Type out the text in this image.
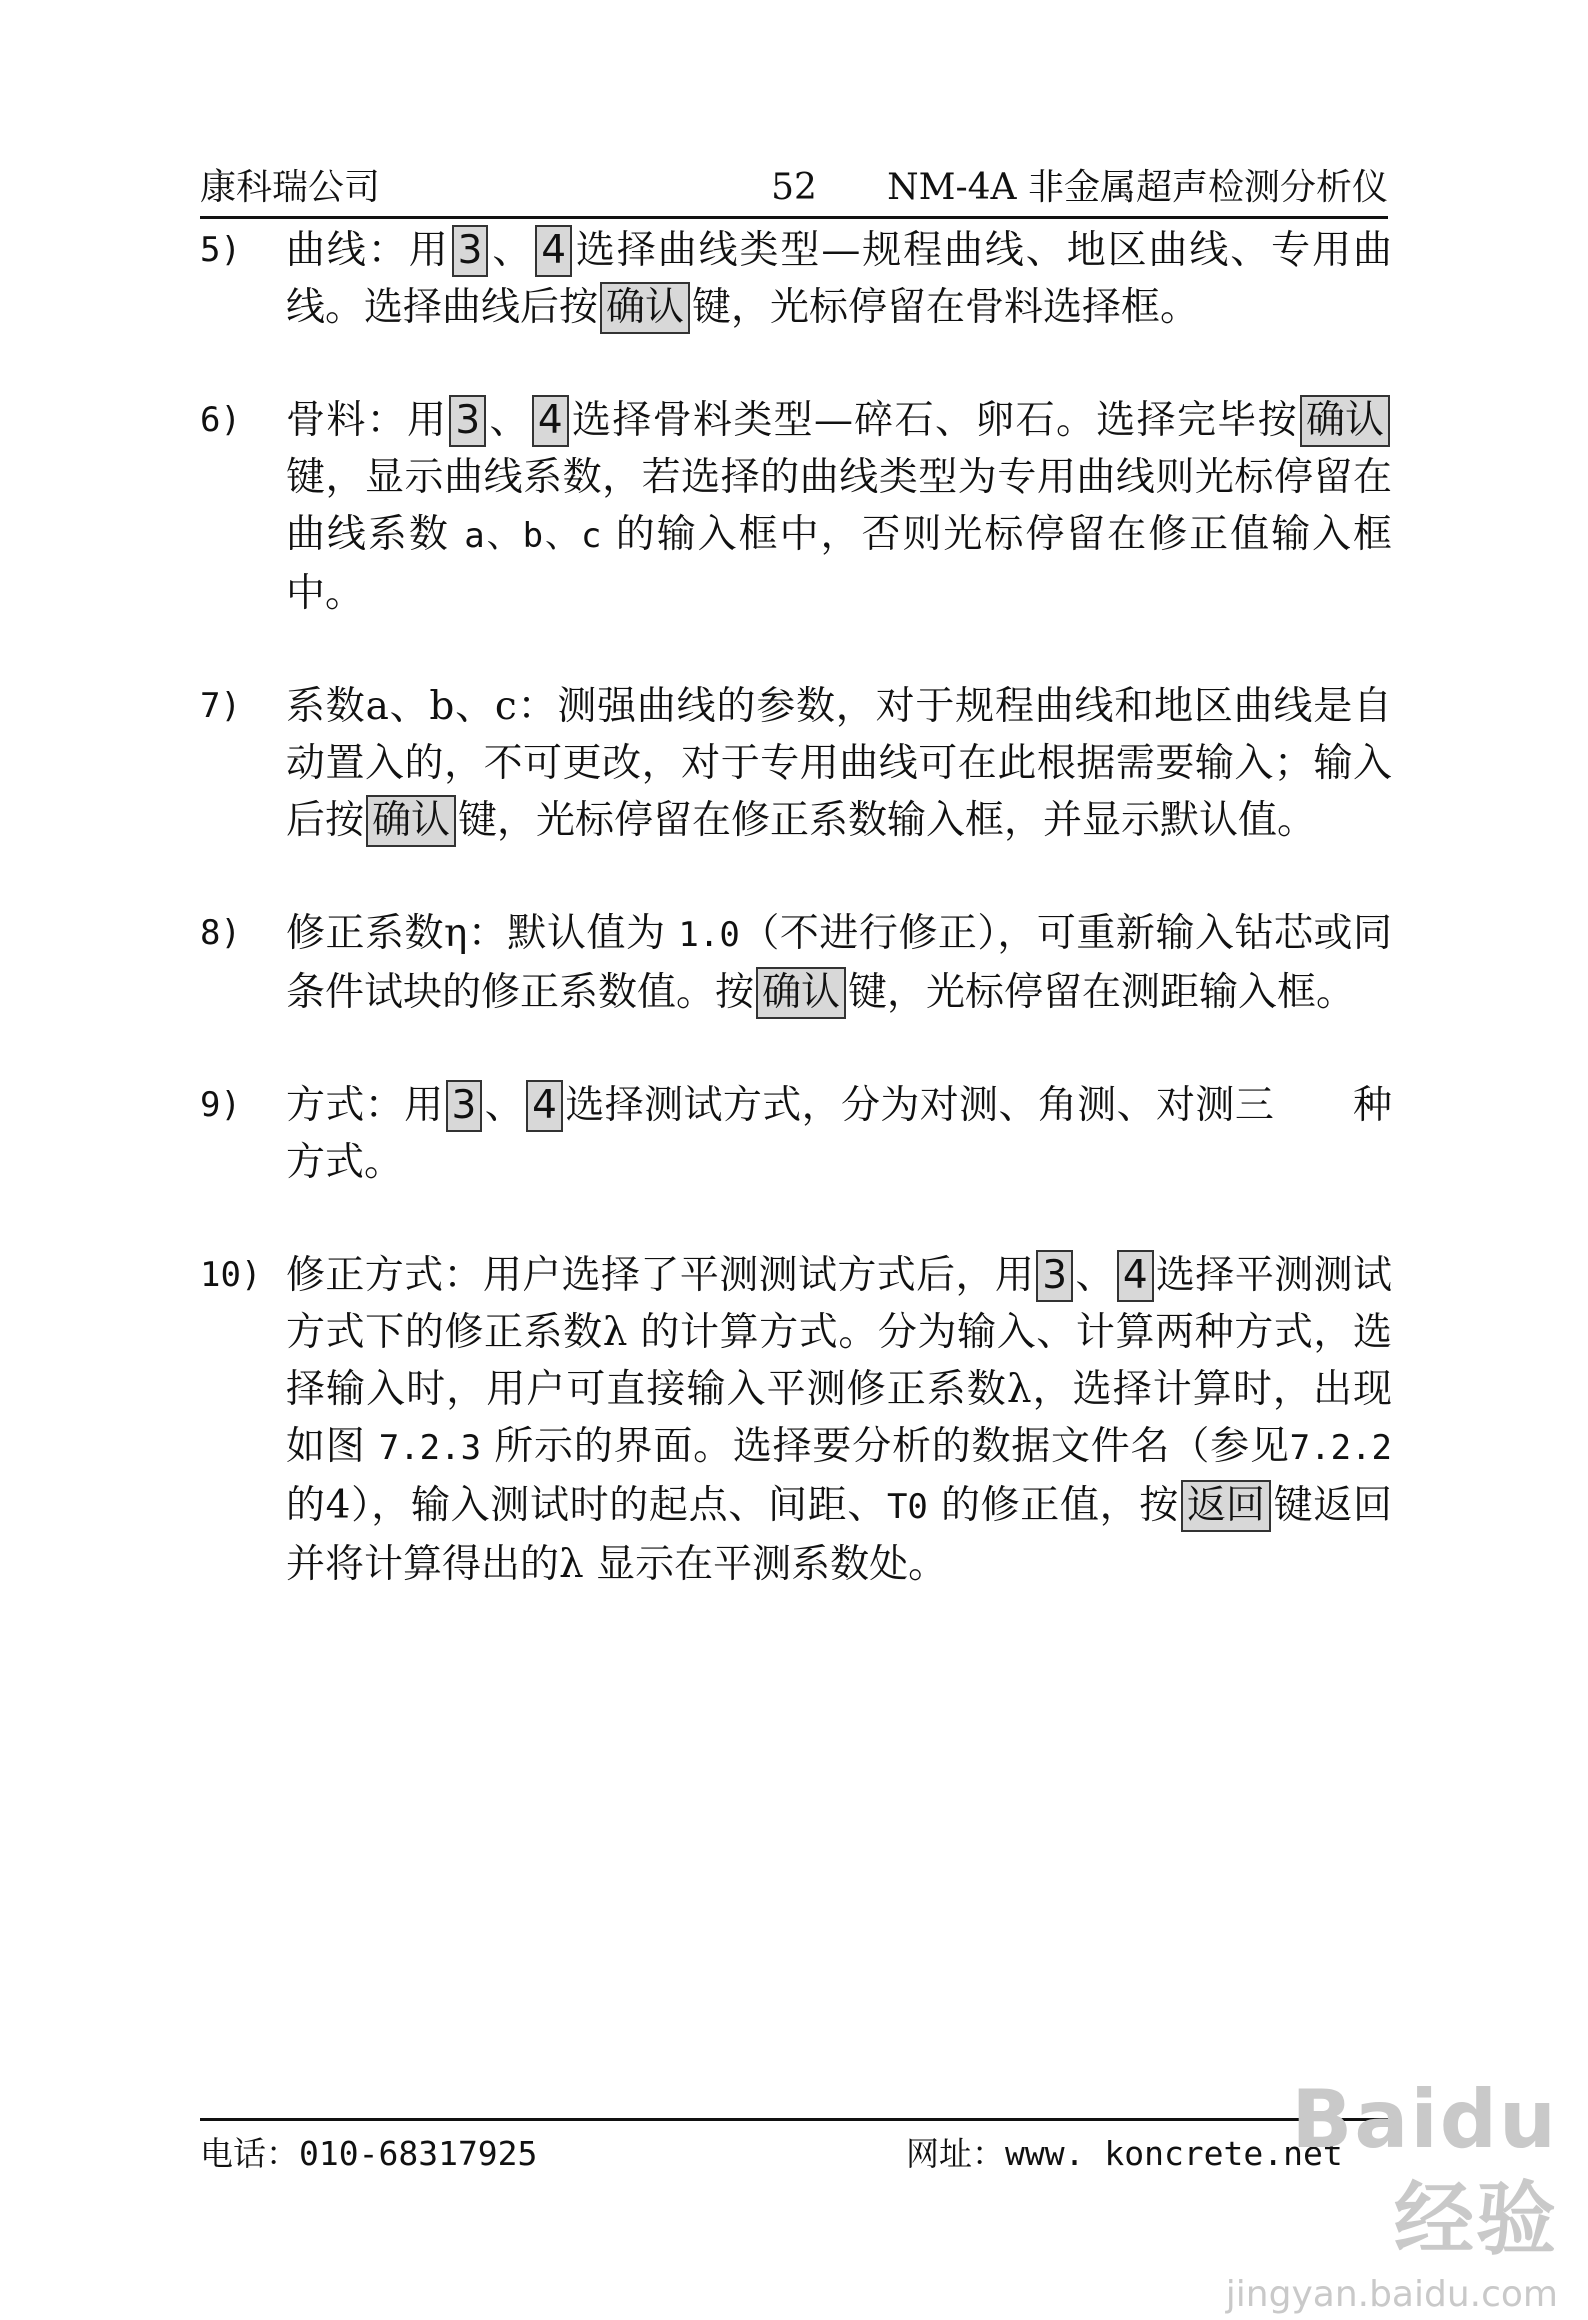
康科瑞公司	52	NM-4A 非金属超声检测分析仪
5) 曲线：用 3、 4选择曲线类型—规程曲线、地区曲线、专用曲线。选择曲线后按 确认 键，光标停留在骨料选择框。
6) 骨料：用 3、 4选择骨料类型—碎石、卵石。选择完毕按 确认键，显示曲线系数，若选择的曲线类型为专用曲线则光标停留在曲线系数 a、b、c 的输入框中，否则光标停留在修正值输入框中。
7) 系数a、b、c：测强曲线的参数，对于规程曲线和地区曲线是自动置入的，不可更改，对于专用曲线可在此根据需要输入；输入后按 确认 键，光标停留在修正系数输入框，并显示默认值。
8) 修正系数η：默认值为 1.0（不进行修正），可重新输入钻芯或同条件试块的修正系数值。按 确认 键，光标停留在测距输入框。
9) 方式：用 3、 4选择测试方式，分为对测、角测、对测三　　种方式。
10) 修正方式：用户选择了平测测试方式后，用 3、 4选择平测测试方式下的修正系数λ 的计算方式。分为输入、计算两种方式，选择输入时，用户可直接输入平测修正系数λ，选择计算时，出现如图 7.2.3 所示的界面。选择要分析的数据文件名（参见7.2.2 的4），输入测试时的起点、间距、T0 的修正值，按 返回 键返回并将计算得出的λ 显示在平测系数处。
电话：010-68317925	网址：www. koncrete.net
Baidu 经验
jingyan.baidu.com
